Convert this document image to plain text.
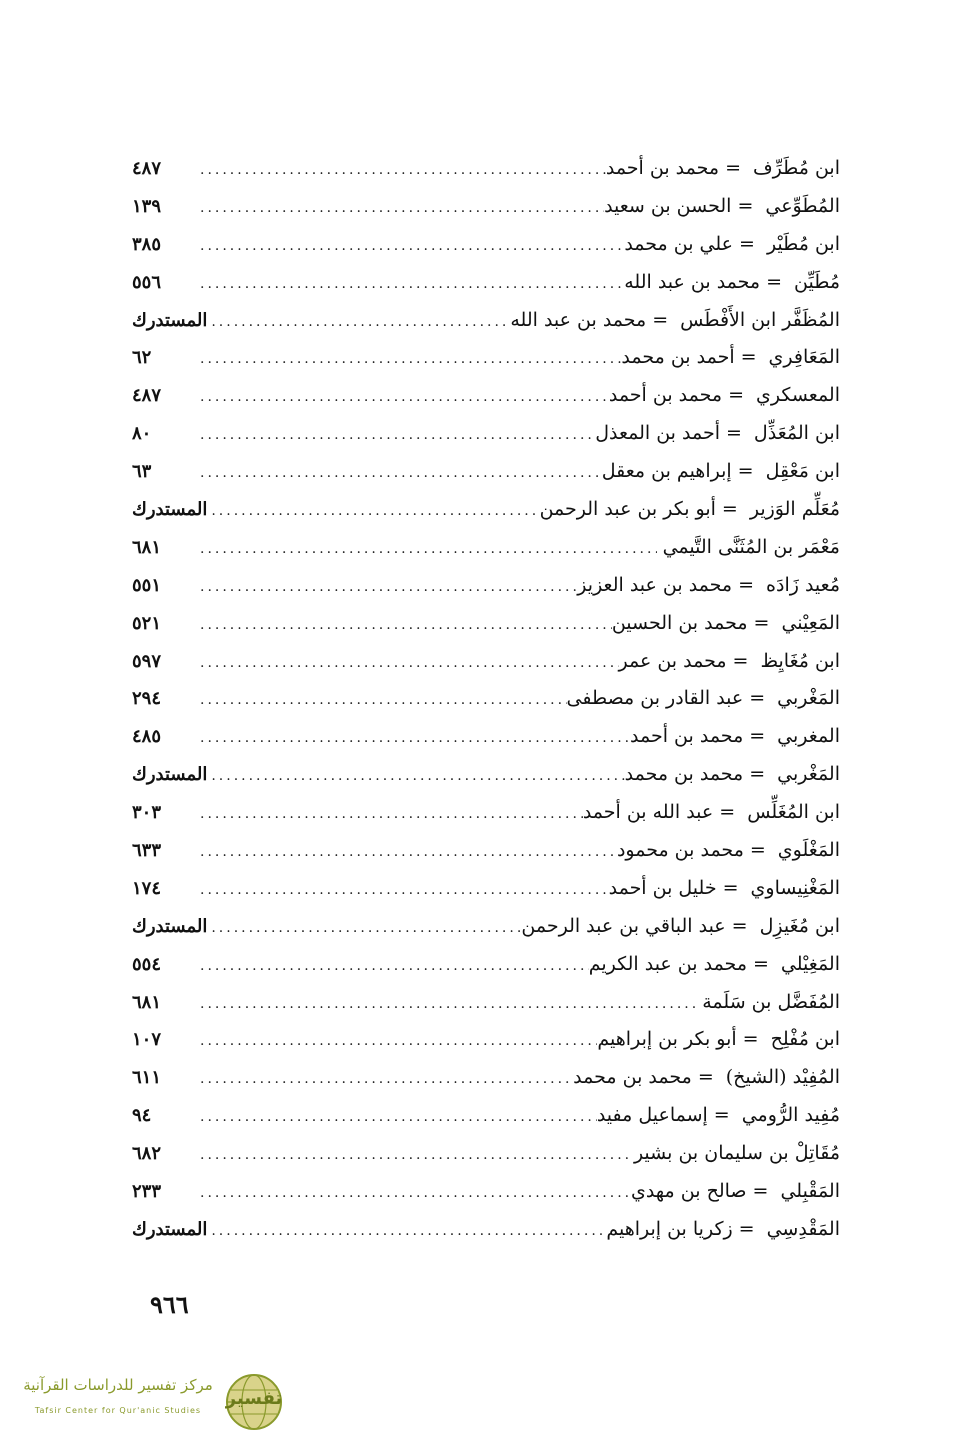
ابن مُطَرِّف
=
محمد بن أحمد
.....
٤٨٧
المُطَوِّعي
=
الحسن بن سعيد
.....
١٣٩
ابن مُطَيْر
=
علي بن محمد
.....
٣٨٥
مُطَيِّن
=
محمد بن عبد الله
.....
٥٥٦
المُظَفَّر ابن الأَفْطَس
=
محمد بن عبد الله
.....
المستدرك
المَعَافِري
=
أحمد بن محمد
.....
٦٢
المعسكري
=
محمد بن أحمد
.....
٤٨٧
ابن المُعَذِّل
=
أحمد بن المعذل
.....
٨٠
ابن مَعْقِل
=
إبراهيم بن معقل
.....
٦٣
مُعَلِّم الوَزير
=
أبو بكر بن عبد الرحمن
.....
المستدرك
مَعْمَر بن المُثَنَّى التَّيمي
.....
٦٨١
مُعيد زَادَه
=
محمد بن عبد العزيز
.....
٥٥١
المَعِيْني
=
محمد بن الحسين
.....
٥٢١
ابن مُغَايِظ
=
محمد بن عمر
.....
٥٩٧
المَغْربي
=
عبد القادر بن مصطفى
.....
٢٩٤
المغربي
=
محمد بن أحمد
.....
٤٨٥
المَغْربي
=
محمد بن محمد
.....
المستدرك
ابن المُغَلِّس
=
عبد الله بن أحمد
.....
٣٠٣
المَغْلَوي
=
محمد بن محمود
.....
٦٣٣
المَغْنِيساوي
=
خليل بن أحمد
.....
١٧٤
ابن مُغَيزِل
=
عبد الباقي بن عبد الرحمن
.....
المستدرك
المَغِيْلي
=
محمد بن عبد الكريم
.....
٥٥٤
المُفَضَّل بن سَلَمة
.....
٦٨١
ابن مُفْلِح
=
أبو بكر بن إبراهيم
.....
١٠٧
المُفِيْد (الشيخ)
=
محمد بن محمد
.....
٦١١
مُفِيد الرُّومي
=
إسماعيل مفيد
.....
٩٤
مُقَاتِلْ بن سليمان بن بشير
.....
٦٨٢
المَقْبِلي
=
صالح بن مهدي
.....
٢٣٣
المَقْدِسِي
=
زكريا بن إبراهيم
.....
المستدرك
٩٦٦
مركز تفسير للدراسات القرآنية
Tafsir Center for Qur'anic Studies
تفسير
